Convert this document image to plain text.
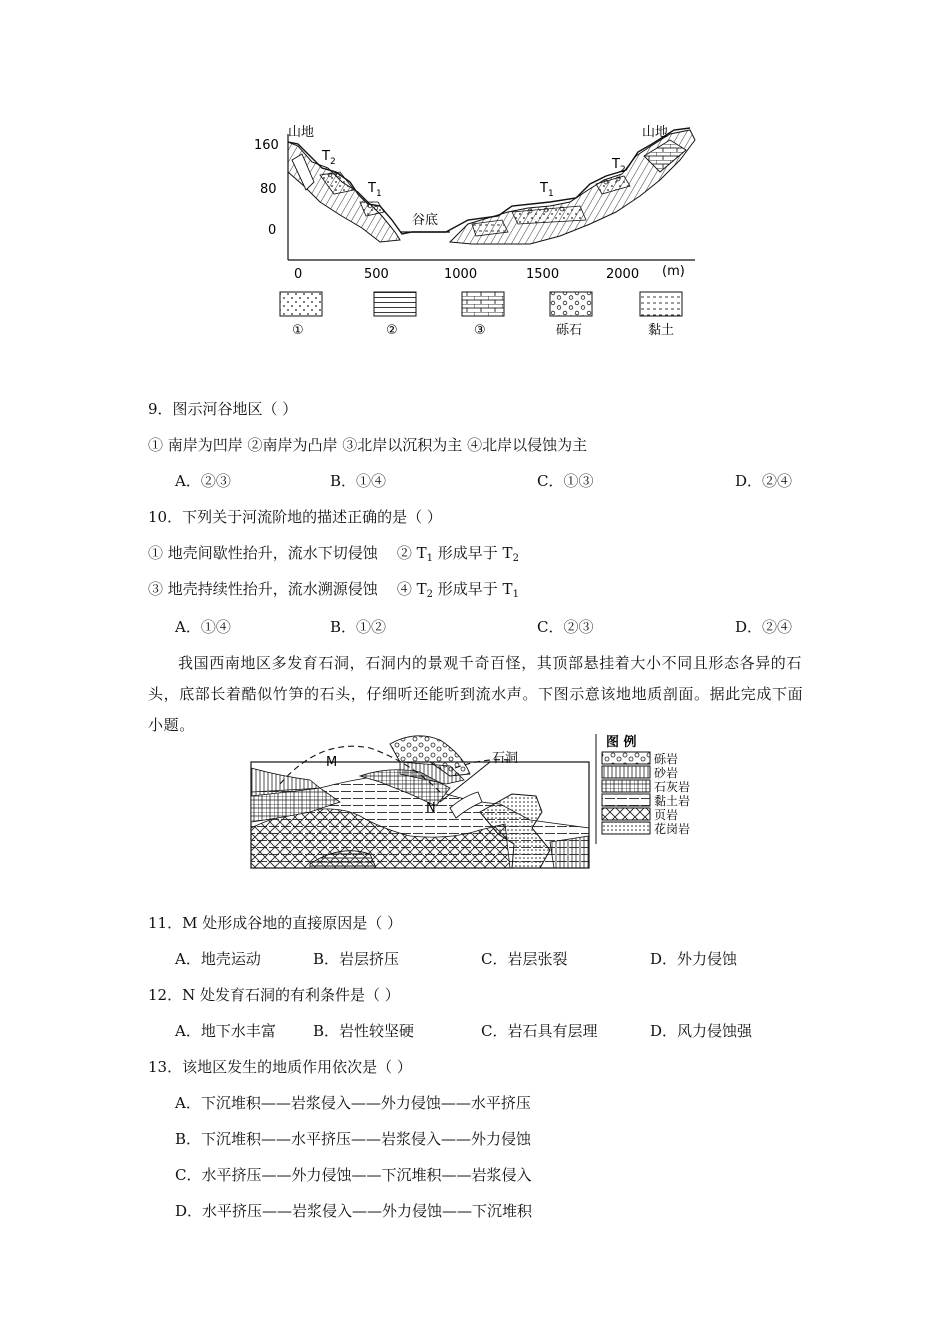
160
80
0
0	500	1000	1500	2000 (m)
山地	山地
$T_2$
$T_1$	$T_1$
$T_2$
谷底
①	②	③	砾石	黏土
9．图示河谷地区（ ）
① 南岸为凹岸 ②南岸为凸岸 ③北岸以沉积为主 ④北岸以侵蚀为主
A．②③	B．①④	C．①③	D．②④
10．下列关于河流阶地的描述正确的是（ ）
① 地壳间歇性抬升，流水下切侵蚀 ② $T_1$ 形成早于 $T_2$
③ 地壳持续性抬升，流水溯源侵蚀 ④ $T_2$ 形成早于 $T_1$
A．①④	B．①②	C．②③	D．②④
我国西南地区多发育石洞，石洞内的景观千奇百怪，其顶部悬挂着大小不同且形态各异的石头，底部长着酷似竹笋的石头，仔细听还能听到流水声。下图示意该地地质剖面。据此完成下面小题。
M
N
石洞
图 例
砾岩
砂岩
石灰岩
黏土岩
页岩
花岗岩
11．M 处形成谷地的直接原因是（ ）
A．地壳运动	B．岩层挤压	C．岩层张裂	D．外力侵蚀
12．N 处发育石洞的有利条件是（ ）
A．地下水丰富 B．岩性较坚硬	C．岩石具有层理	D．风力侵蚀强
13．该地区发生的地质作用依次是（ ）
A．下沉堆积——岩浆侵入——外力侵蚀——水平挤压
B．下沉堆积——水平挤压——岩浆侵入——外力侵蚀
C．水平挤压——外力侵蚀——下沉堆积——岩浆侵入
D．水平挤压——岩浆侵入——外力侵蚀——下沉堆积
